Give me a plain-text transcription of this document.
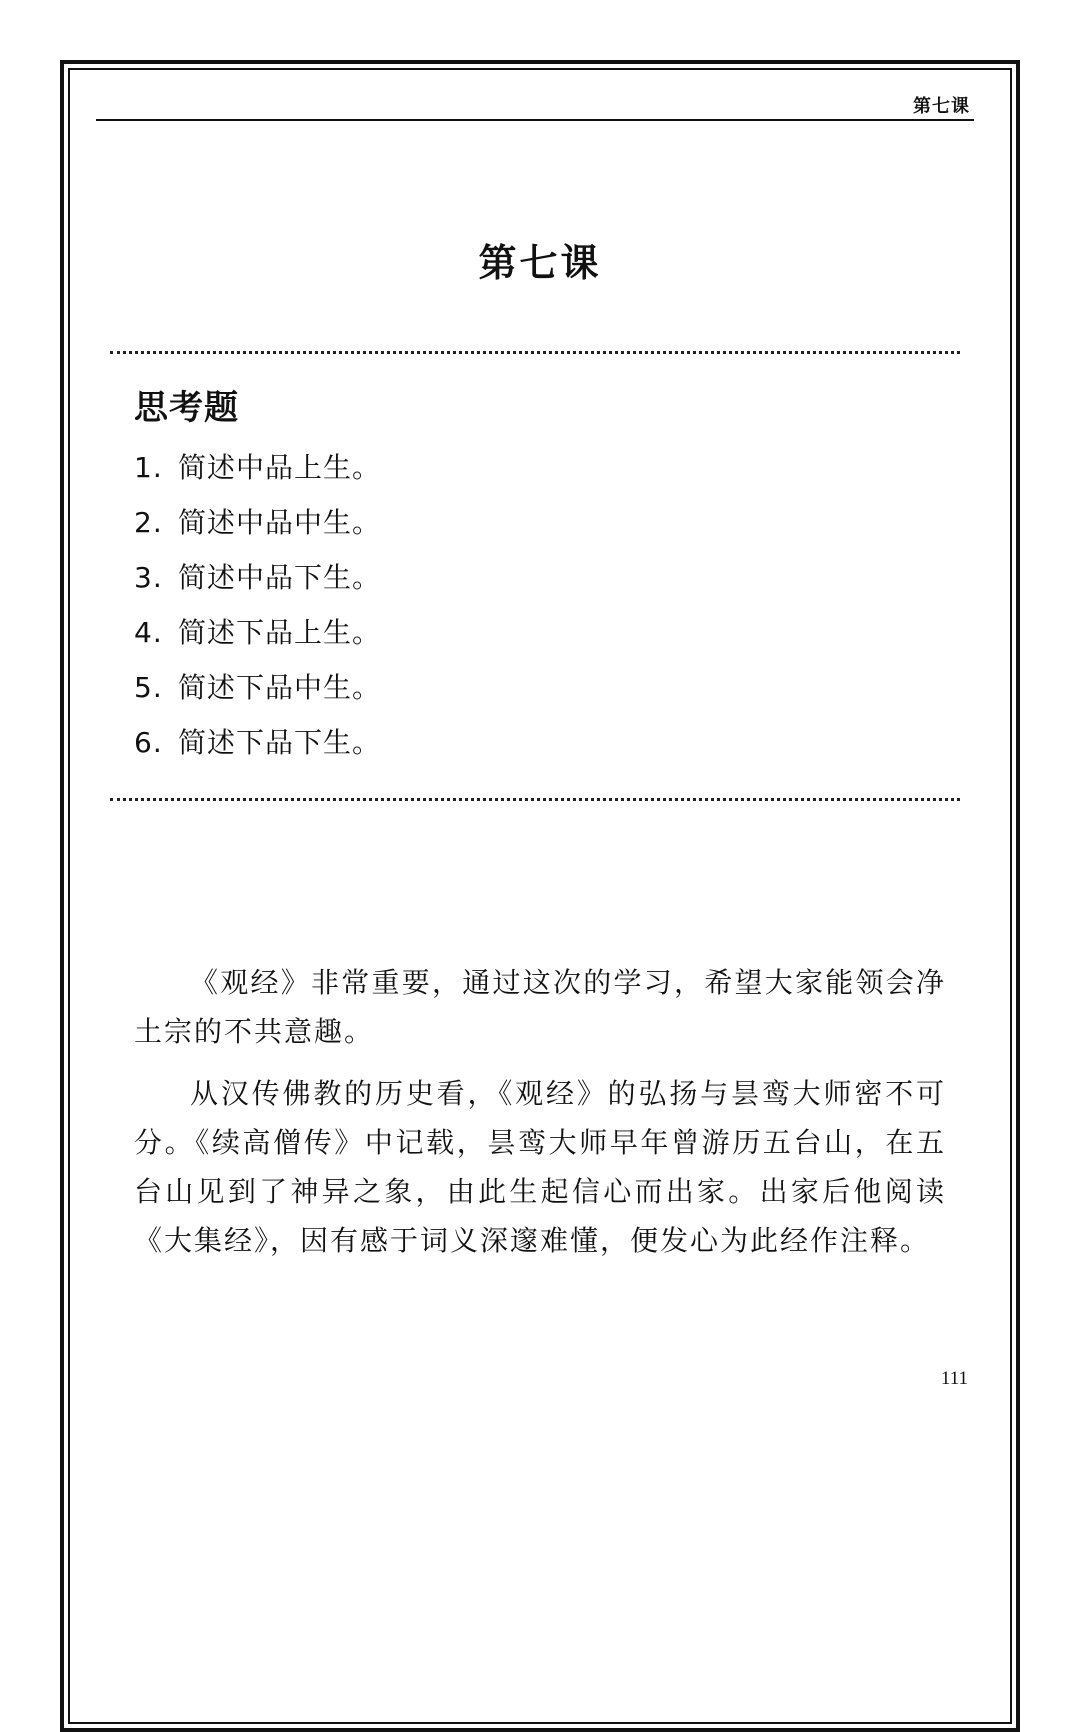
第七课
第七课
思考题
1. 简述中品上生。
2. 简述中品中生。
3. 简述中品下生。
4. 简述下品上生。
5. 简述下品中生。
6. 简述下品下生。

《观经》非常重要，通过这次的学习，希望大家能领会净土宗的不共意趣。

从汉传佛教的历史看，《观经》的弘扬与昙鸾大师密不可分。《续高僧传》中记载，昙鸾大师早年曾游历五台山，在五台山见到了神异之象，由此生起信心而出家。出家后他阅读《大集经》，因有感于词义深邃难懂，便发心为此经作注释。

111
